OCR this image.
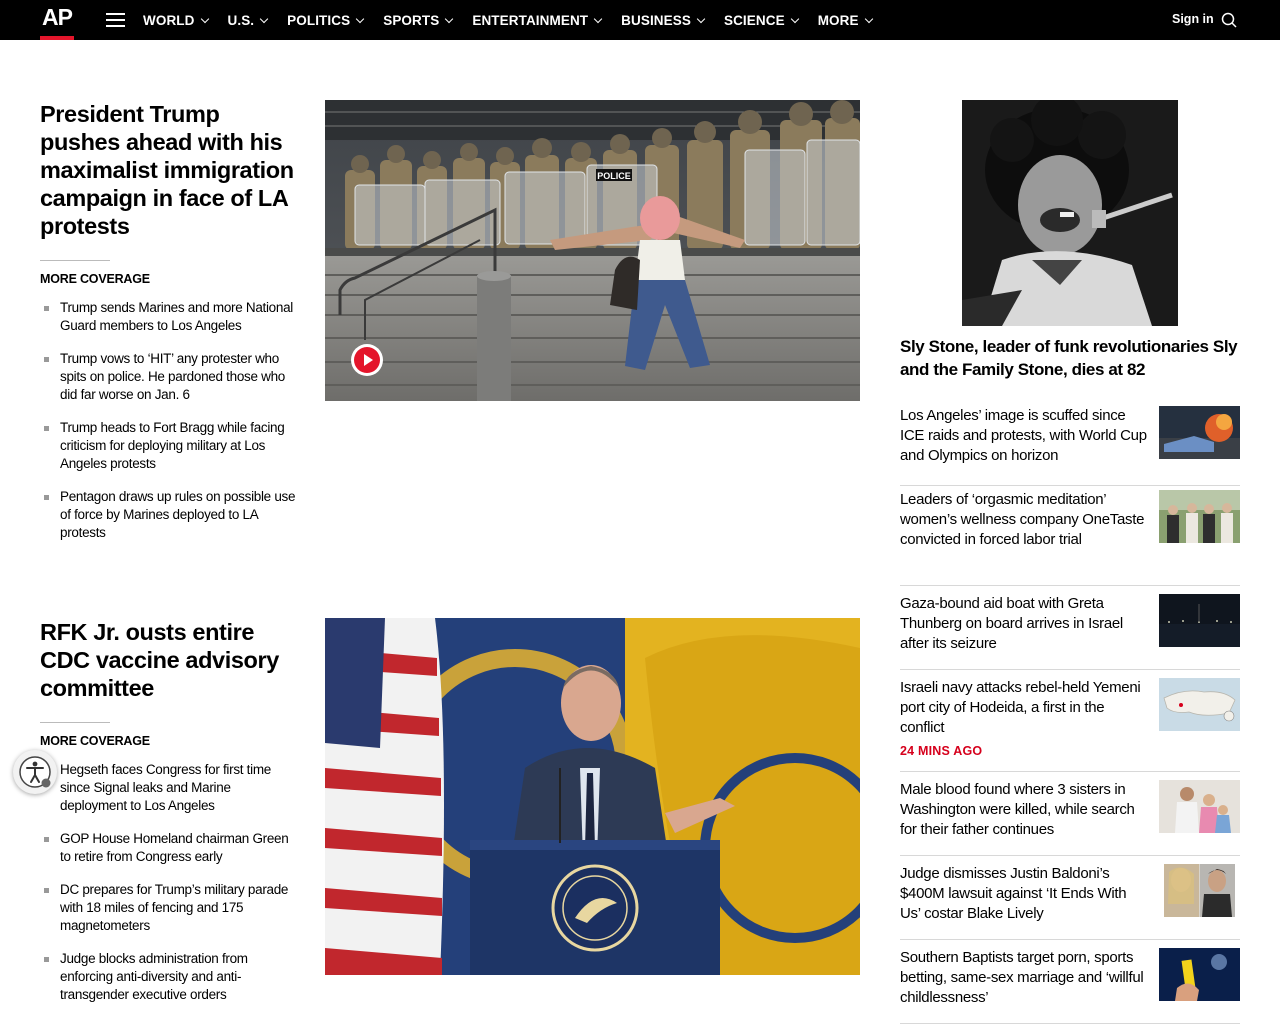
AP	WORLD U.S. POLITICS SPORTS ENTERTAINMENT BUSINESS SCIENCE MORE	Sign in
President Trump pushes ahead with his maximalist immigration campaign in face of LA protests
MORE COVERAGE
Trump sends Marines and more National Guard members to Los Angeles
Trump vows to ‘HIT’ any protester who spits on police. He pardoned those who did far worse on Jan. 6
Trump heads to Fort Bragg while facing criticism for deploying military at Los Angeles protests
Pentagon draws up rules on possible use of force by Marines deployed to LA protests
POLICE
RFK Jr. ousts entire CDC vaccine advisory committee
MORE COVERAGE
Hegseth faces Congress for first time since Signal leaks and Marine deployment to Los Angeles
GOP House Homeland chairman Green to retire from Congress early
DC prepares for Trump’s military parade with 18 miles of fencing and 175 magnetometers
Judge blocks administration from enforcing anti-diversity and anti-transgender executive orders
Sly Stone, leader of funk revolutionaries Sly and the Family Stone, dies at 82
Los Angeles’ image is scuffed since ICE raids and protests, with World Cup and Olympics on horizon
Leaders of ‘orgasmic meditation’ women’s wellness company OneTaste convicted in forced labor trial
Gaza-bound aid boat with Greta Thunberg on board arrives in Israel after its seizure
Israeli navy attacks rebel-held Yemeni port city of Hodeida, a first in the conflict
24 MINS AGO
Male blood found where 3 sisters in Washington were killed, while search for their father continues
Judge dismisses Justin Baldoni’s $400M lawsuit against ‘It Ends With Us’ costar Blake Lively
Southern Baptists target porn, sports betting, same-sex marriage and ‘willful childlessness’
